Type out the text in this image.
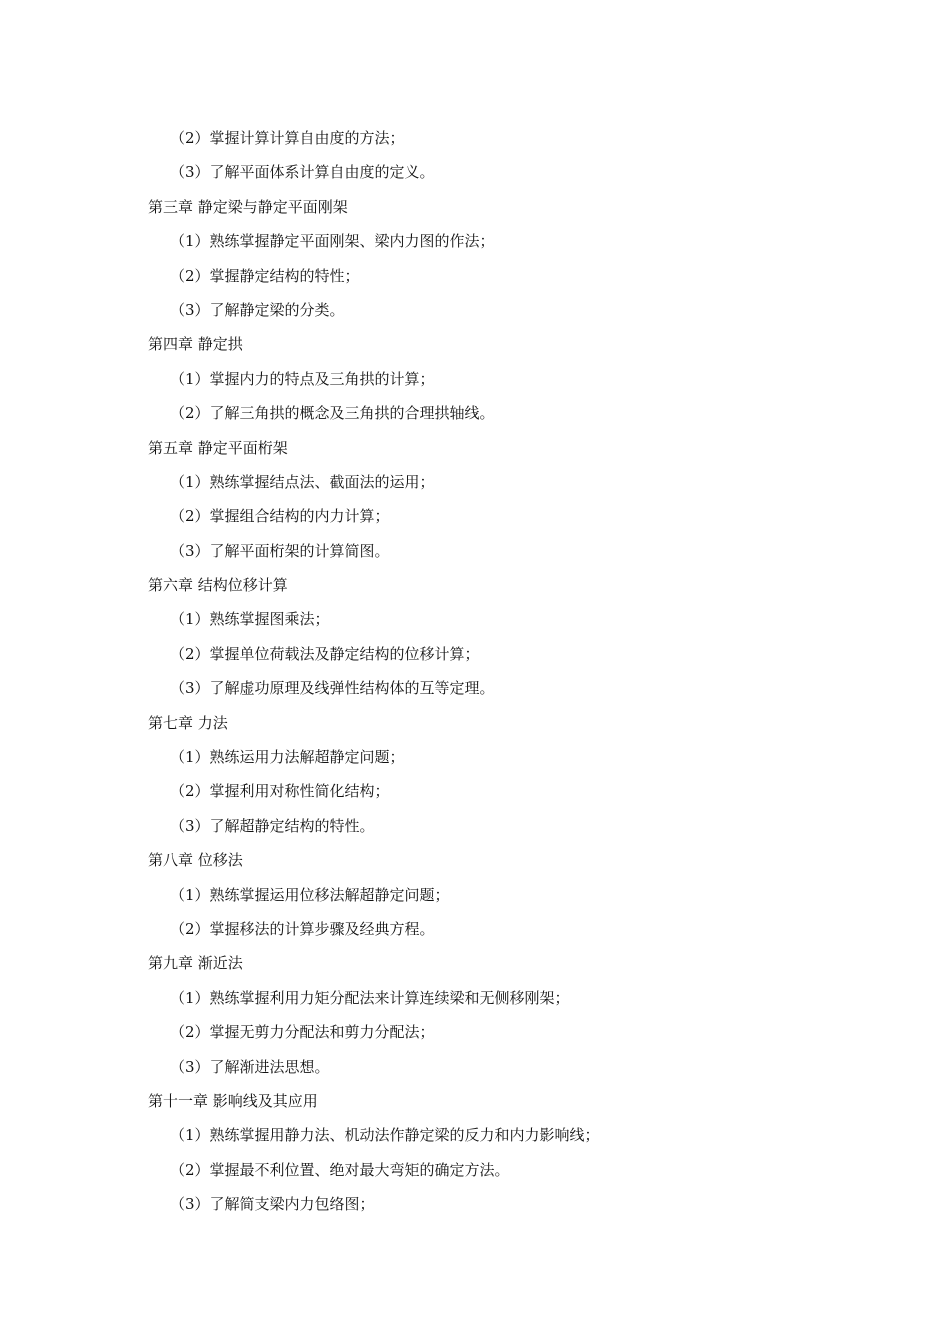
（2）掌握计算计算自由度的方法；
（3）了解平面体系计算自由度的定义。
第三章 静定梁与静定平面刚架
（1）熟练掌握静定平面刚架、梁内力图的作法；
（2）掌握静定结构的特性；
（3）了解静定梁的分类。
第四章 静定拱
（1）掌握内力的特点及三角拱的计算；
（2）了解三角拱的概念及三角拱的合理拱轴线。
第五章 静定平面桁架
（1）熟练掌握结点法、截面法的运用；
（2）掌握组合结构的内力计算；
（3）了解平面桁架的计算简图。
第六章 结构位移计算
（1）熟练掌握图乘法；
（2）掌握单位荷载法及静定结构的位移计算；
（3）了解虚功原理及线弹性结构体的互等定理。
第七章 力法
（1）熟练运用力法解超静定问题；
（2）掌握利用对称性简化结构；
（3）了解超静定结构的特性。
第八章 位移法
（1）熟练掌握运用位移法解超静定问题；
（2）掌握移法的计算步骤及经典方程。
第九章 渐近法
（1）熟练掌握利用力矩分配法来计算连续梁和无侧移刚架；
（2）掌握无剪力分配法和剪力分配法；
（3）了解渐进法思想。
第十一章 影响线及其应用
（1）熟练掌握用静力法、机动法作静定梁的反力和内力影响线；
（2）掌握最不利位置、绝对最大弯矩的确定方法。
（3）了解简支梁内力包络图；
